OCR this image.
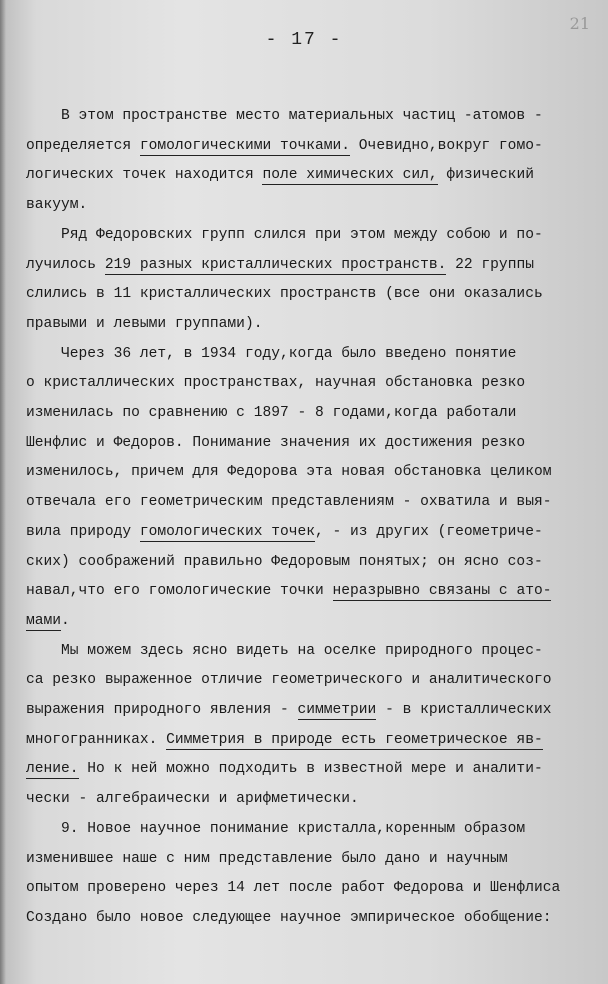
21
- 17 -
В этом пространстве место материальных частиц -атомов -
определяется гомологическими точками. Очевидно,вокруг гомо-
логических точек находится поле химических сил, физический
вакуум.
Ряд Федоровских групп слился при этом между собою и по-
лучилось 219 разных кристаллических пространств. 22 группы
слились в 11 кристаллических пространств (все они оказались
правыми и левыми группами).
Через 36 лет, в 1934 году,когда было введено понятие
о кристаллических пространствах, научная обстановка резко
изменилась по сравнению с 1897 - 8 годами,когда работали
Шенфлис и Федоров. Понимание значения их достижения резко
изменилось, причем для Федорова эта новая обстановка целиком
отвечала его геометрическим представлениям - охватила и выя-
вила природу гомологических точек, - из других (геометриче-
ских) соображений правильно Федоровым понятых; он ясно соз-
навал,что его гомологические точки неразрывно связаны с ато-
мами.
Мы можем здесь ясно видеть на оселке природного процес-
са резко выраженное отличие геометрического и аналитического
выражения природного явления - симметрии - в кристаллических
многогранниках. Симметрия в природе есть геометрическое яв-
ление. Но к ней можно подходить в известной мере и аналити-
чески - алгебраически и арифметически.
9. Новое научное понимание кристалла,коренным образом
изменившее наше с ним представление было дано и научным
опытом проверено через 14 лет после работ Федорова и Шенфлиса
Создано было новое следующее научное эмпирическое обобщение:
